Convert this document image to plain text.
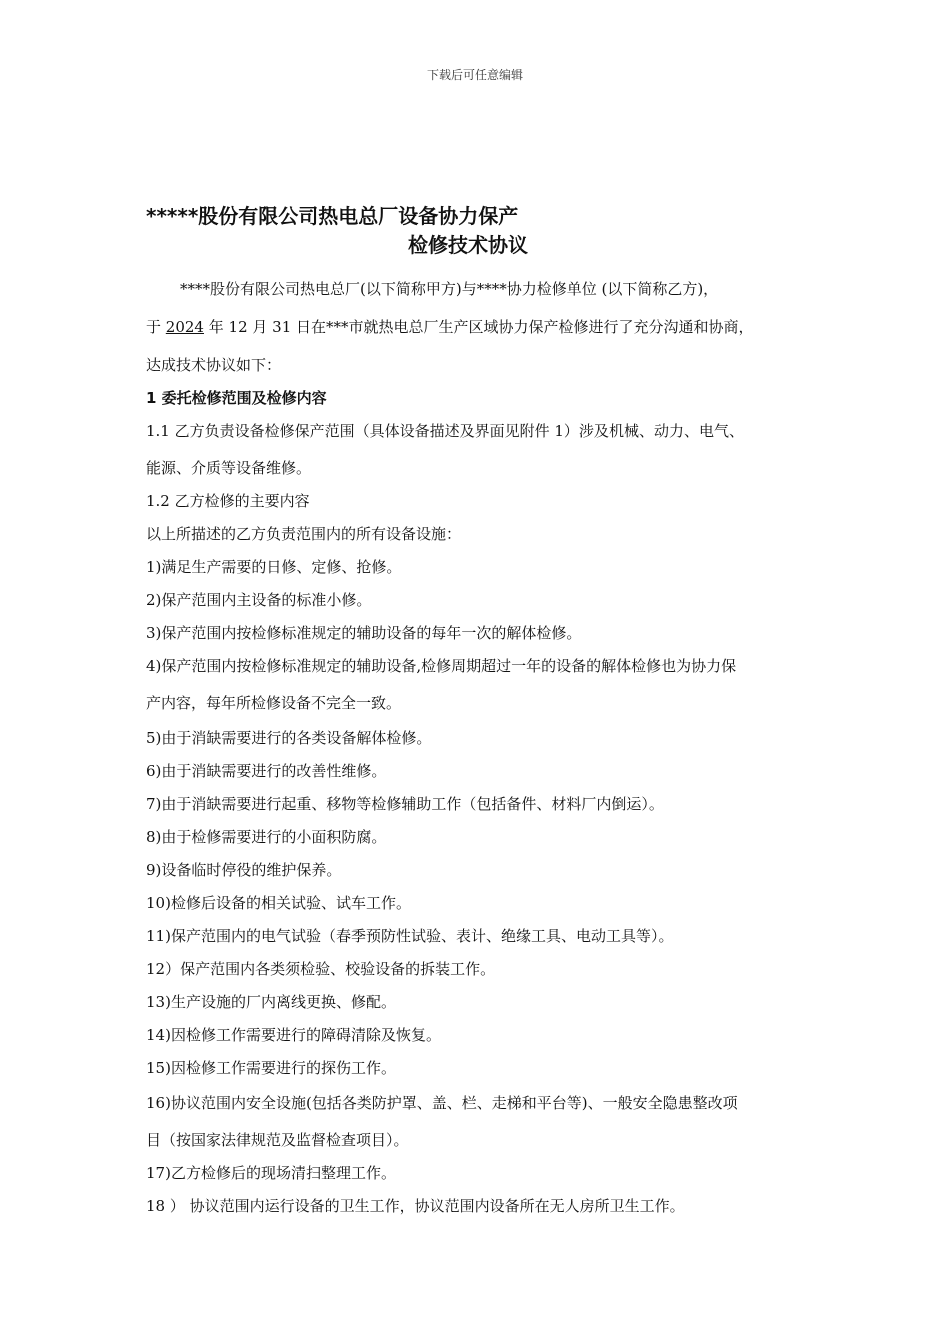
下载后可任意编辑
*****股份有限公司热电总厂设备协力保产
检修技术协议
****股份有限公司热电总厂(以下简称甲方)与****协力检修单位 (以下简称乙方)，
于 2024 年 12 月 31 日在***市就热电总厂生产区域协力保产检修进行了充分沟通和协商，
达成技术协议如下：
1 委托检修范围及检修内容
1.1 乙方负责设备检修保产范围（具体设备描述及界面见附件 1）涉及机械、动力、电气、
能源、介质等设备维修。
1.2 乙方检修的主要内容
以上所描述的乙方负责范围内的所有设备设施：
1)满足生产需要的日修、定修、抢修。
2)保产范围内主设备的标准小修。
3)保产范围内按检修标准规定的辅助设备的每年一次的解体检修。
4)保产范围内按检修标准规定的辅助设备,检修周期超过一年的设备的解体检修也为协力保
产内容，每年所检修设备不完全一致。
5)由于消缺需要进行的各类设备解体检修。
6)由于消缺需要进行的改善性维修。
7)由于消缺需要进行起重、移物等检修辅助工作（包括备件、材料厂内倒运）。
8)由于检修需要进行的小面积防腐。
9)设备临时停役的维护保养。
10)检修后设备的相关试验、试车工作。
11)保产范围内的电气试验（春季预防性试验、表计、绝缘工具、电动工具等）。
12）保产范围内各类须检验、校验设备的拆装工作。
13)生产设施的厂内离线更换、修配。
14)因检修工作需要进行的障碍清除及恢复。
15)因检修工作需要进行的探伤工作。
16)协议范围内安全设施(包括各类防护罩、盖、栏、走梯和平台等)、一般安全隐患整改项
目（按国家法律规范及监督检查项目）。
17)乙方检修后的现场清扫整理工作。
18 ） 协议范围内运行设备的卫生工作，协议范围内设备所在无人房所卫生工作。
